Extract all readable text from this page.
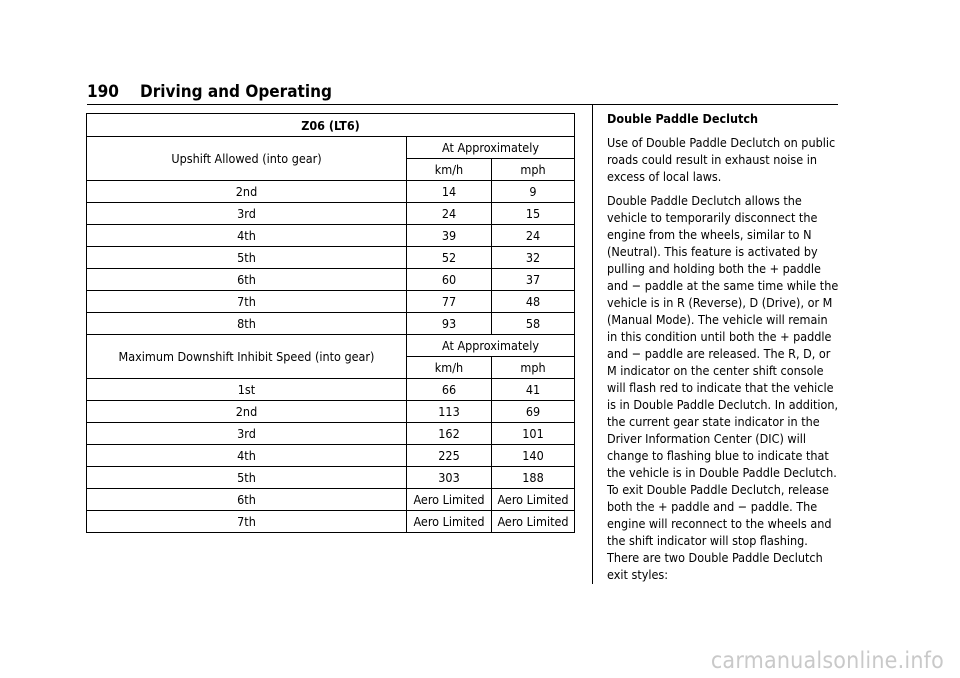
190 Driving and Operating
Z06 (LT6)		
Upshift Allowed (into gear)	At Approximately	
	km/h	mph
2nd	14	9
3rd	24	15
4th	39	24
5th	52	32
6th	60	37
7th	77	48
8th	93	58
Maximum Downshift Inhibit Speed (into gear)	At Approximately	
	km/h	mph
1st	66	41
2nd	113	69
3rd	162	101
4th	225	140
5th	303	188
6th	Aero Limited	Aero Limited
7th	Aero Limited	Aero Limited
Double Paddle Declutch

Use of Double Paddle Declutch on public roads could result in exhaust noise in excess of local laws.

Double Paddle Declutch allows the vehicle to temporarily disconnect the engine from the wheels, similar to N (Neutral). This feature is activated by pulling and holding both the + paddle and − paddle at the same time while the vehicle is in R (Reverse), D (Drive), or M (Manual Mode). The vehicle will remain in this condition until both the + paddle and − paddle are released. The R, D, or M indicator on the center shift console will flash red to indicate that the vehicle is in Double Paddle Declutch. In addition, the current gear state indicator in the Driver Information Center (DIC) will change to flashing blue to indicate that the vehicle is in Double Paddle Declutch. To exit Double Paddle Declutch, release both the + paddle and − paddle. The engine will reconnect to the wheels and the shift indicator will stop flashing. There are two Double Paddle Declutch exit styles:

carmanualsonline.info
